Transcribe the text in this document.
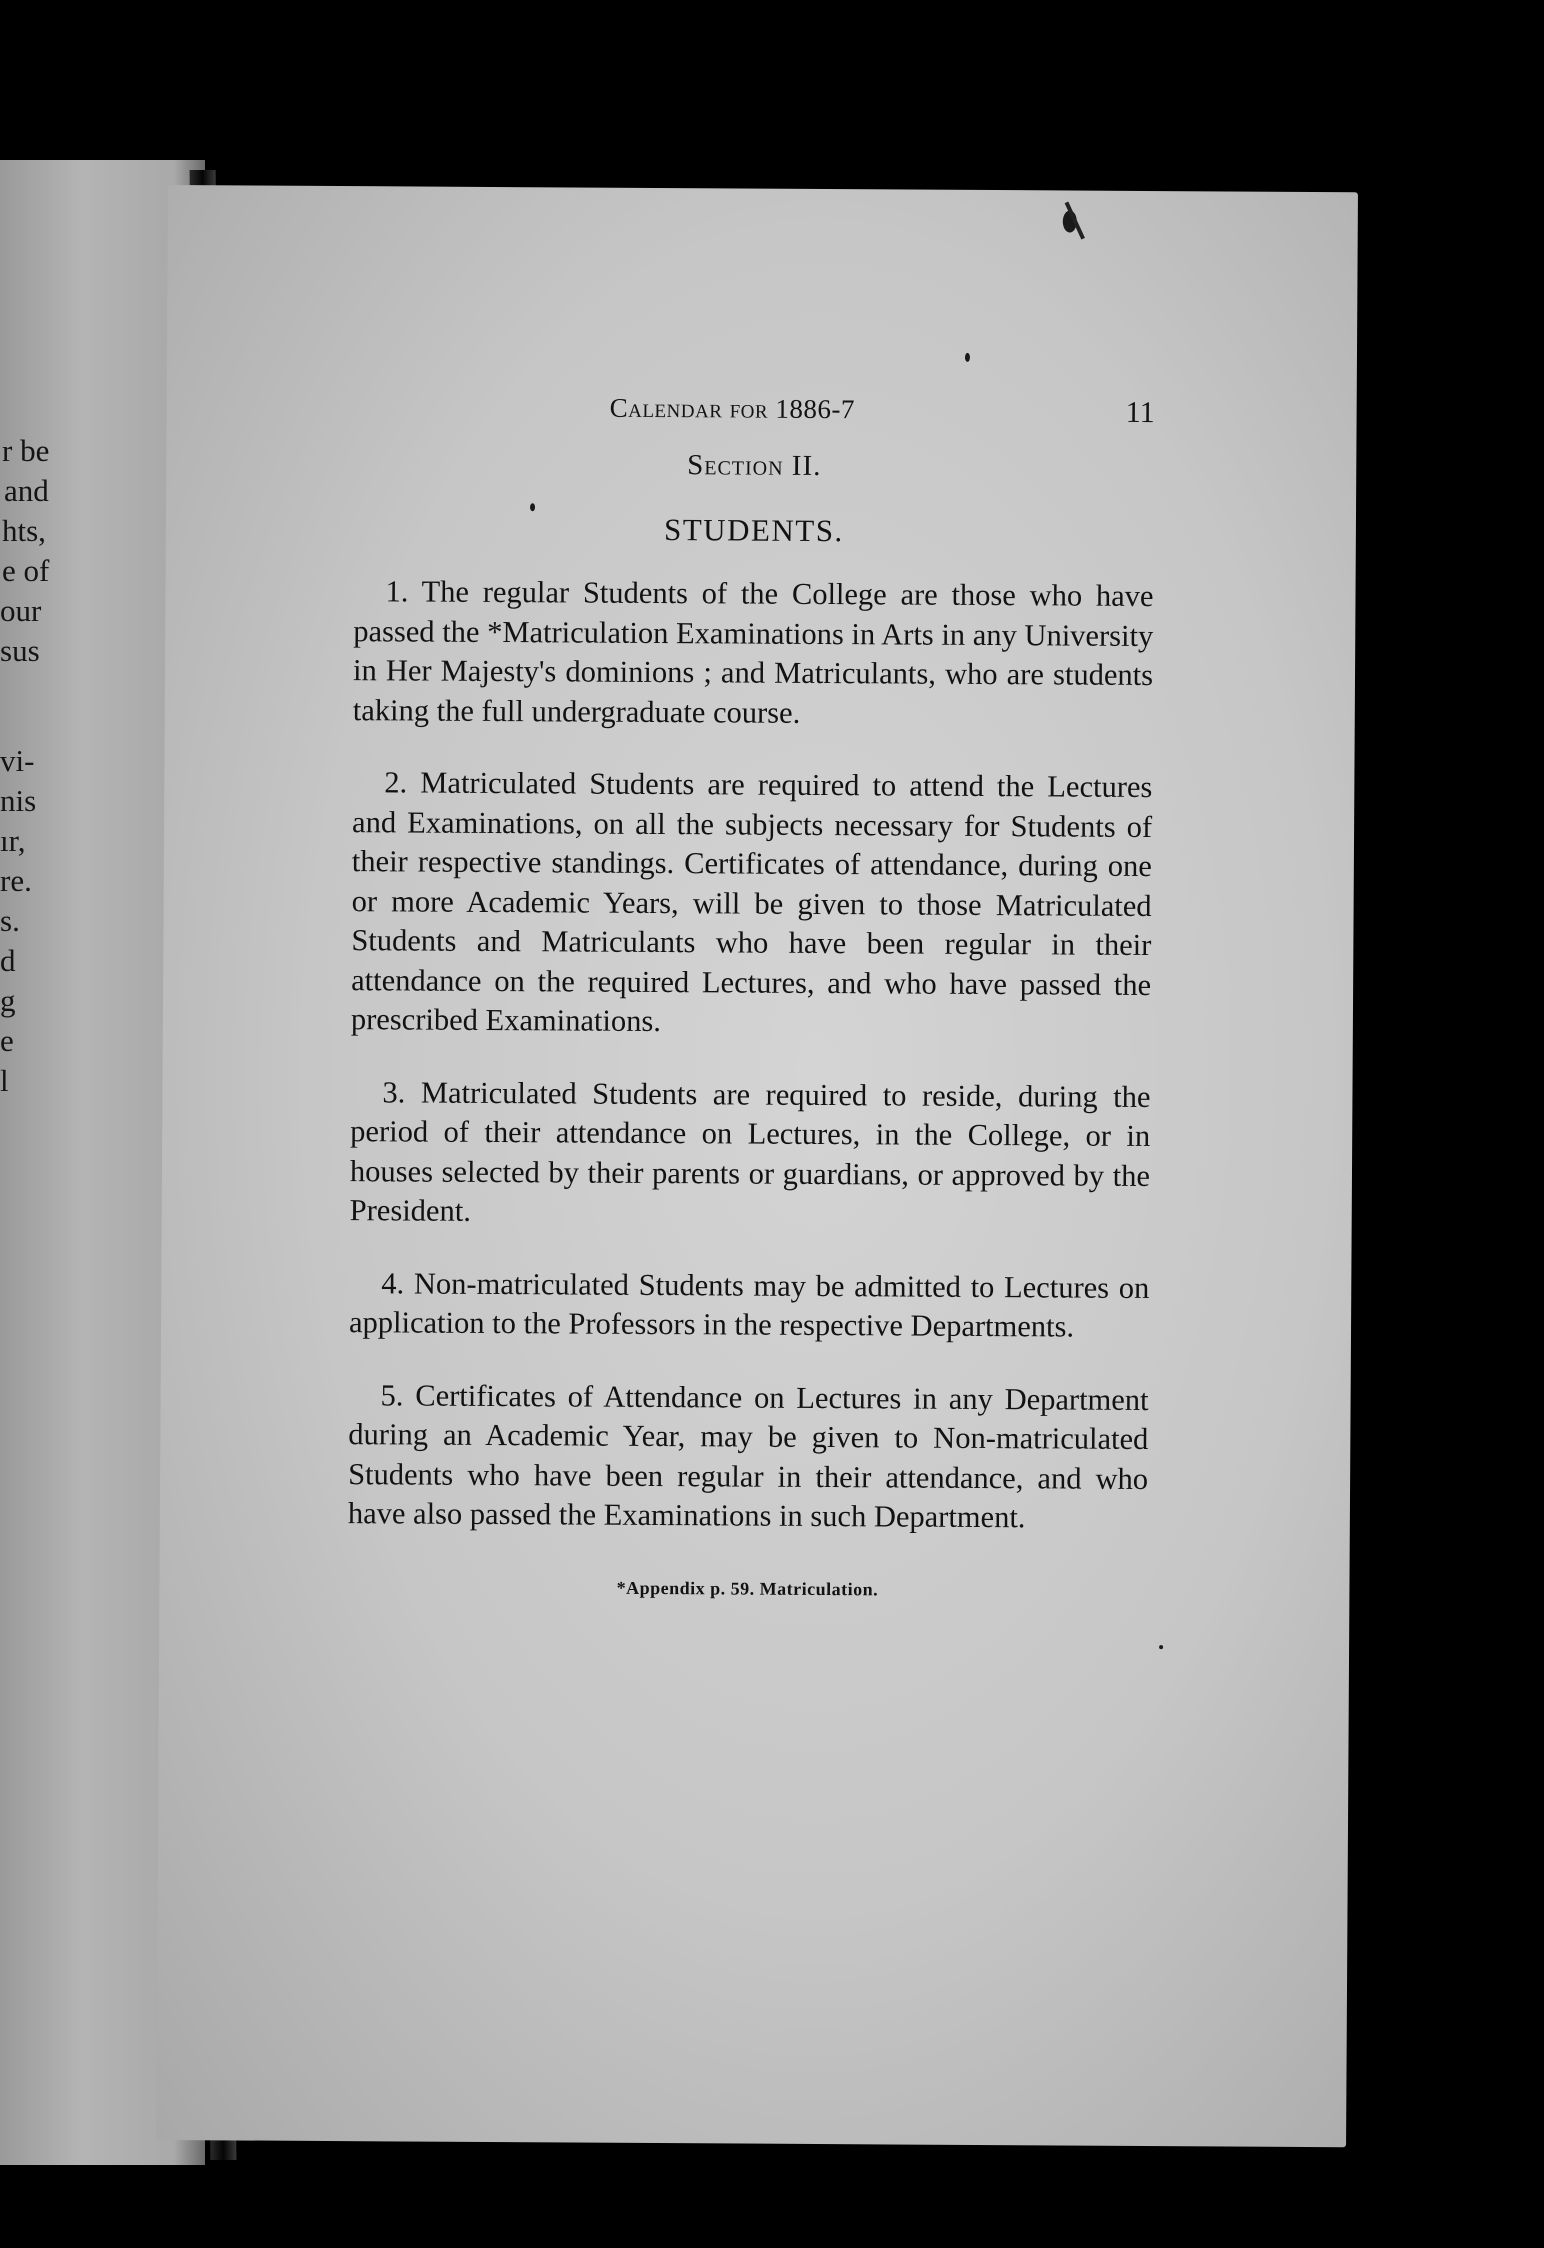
r be
and
hts,
e of
our
sus
vi-
nis
ır,
re.
s.
d
g
e
l
Calendar for 1886-7	11
Section II.
STUDENTS.

1. The regular Students of the College are those who have passed the *Matriculation Examinations in Arts in any University in Her Majesty's dominions ; and Matriculants, who are students taking the full undergraduate course.

2. Matriculated Students are required to attend the Lectures and Examinations, on all the subjects necessary for Students of their respective standings. Certificates of attendance, during one or more Academic Years, will be given to those Matriculated Students and Matriculants who have been regular in their attendance on the required Lectures, and who have passed the prescribed Examinations.

3. Matriculated Students are required to reside, during the period of their attendance on Lectures, in the College, or in houses selected by their parents or guardians, or approved by the President.

4. Non-matriculated Students may be admitted to Lectures on application to the Professors in the respective Departments.

5. Certificates of Attendance on Lectures in any Department during an Academic Year, may be given to Non-matriculated Students who have been regular in their attendance, and who have also passed the Examinations in such Department.

*Appendix p. 59. Matriculation.
